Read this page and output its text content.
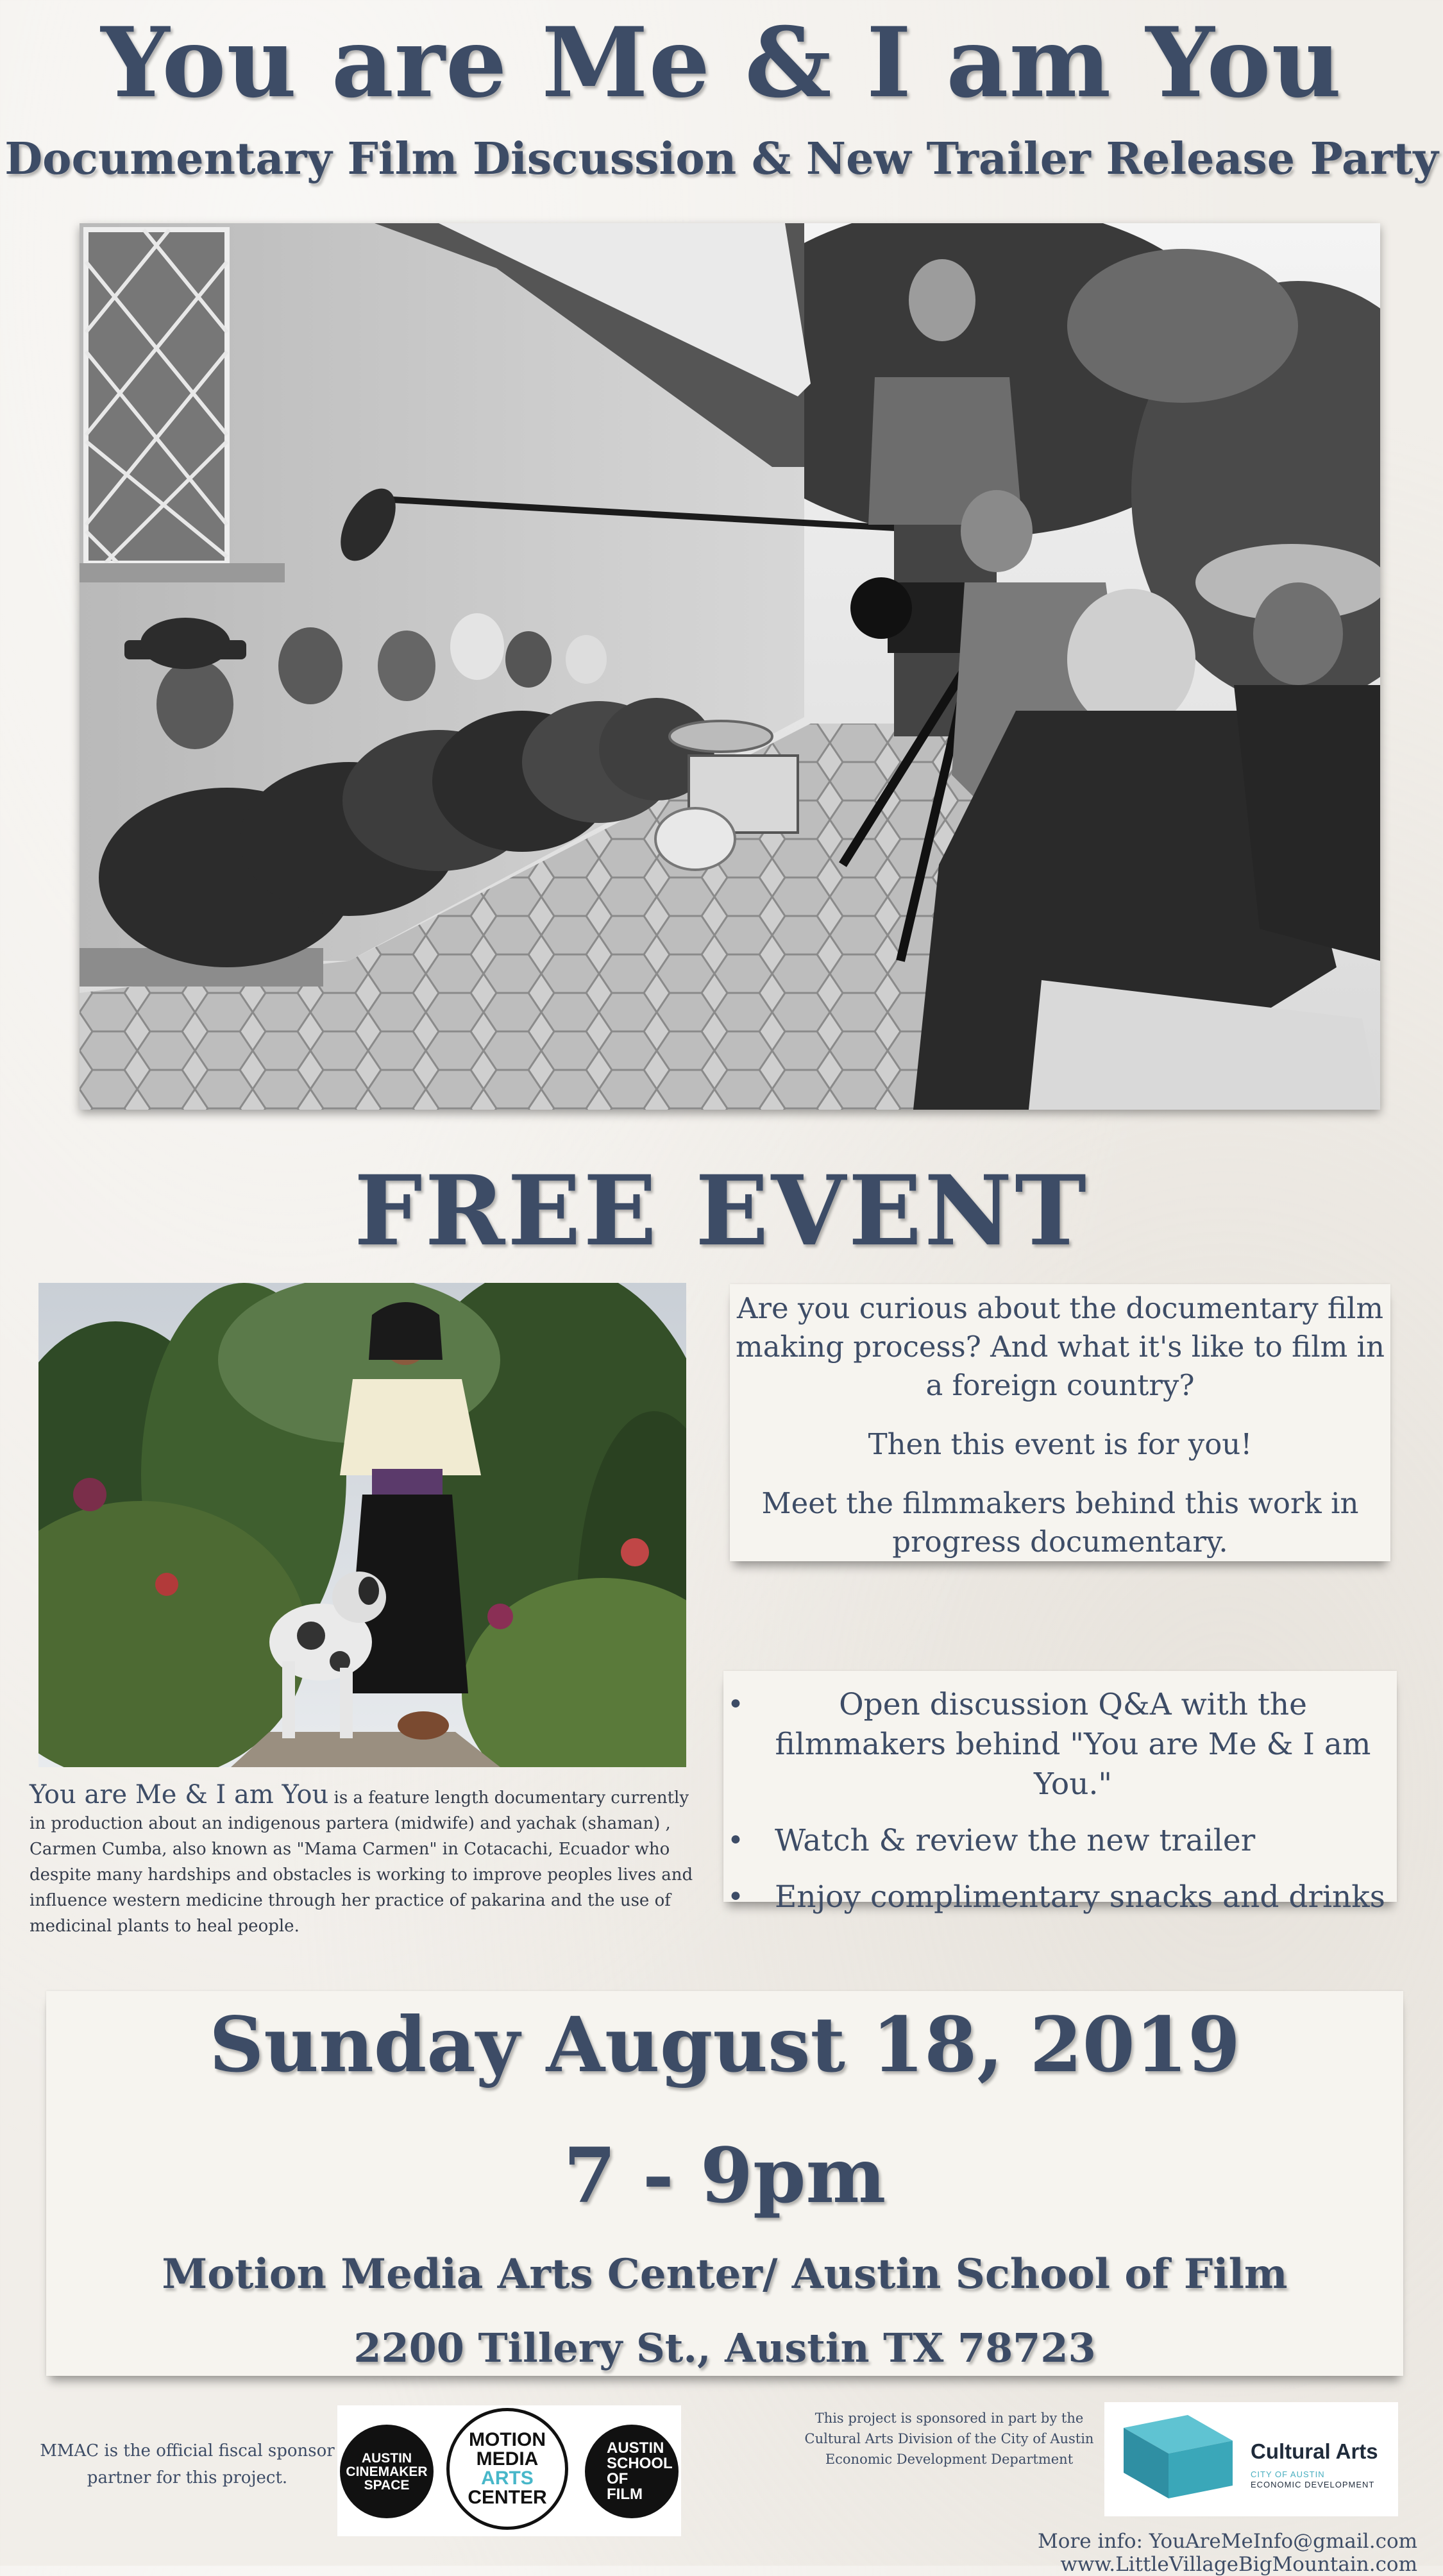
You are Me & I am You
Documentary Film Discussion & New Trailer Release Party
FREE EVENT

Are you curious about the documentary film making process? And what it's like to film in a foreign country?

Then this event is for you!

Meet the filmmakers behind this work in progress documentary.

•	Open discussion Q&A with the filmmakers behind "You are Me & I am You."
• Watch & review the new trailer
• Enjoy complimentary snacks and drinks
You are Me & I am You is a feature length documentary currently in production about an indigenous partera (midwife) and yachak (shaman) , Carmen Cumba, also known as "Mama Carmen" in Cotacachi, Ecuador who despite many hardships and obstacles is working to improve peoples lives and influence western medicine through her practice of pakarina and the use of medicinal plants to heal people.
Sunday August 18, 2019
7 - 9pm
Motion Media Arts Center/ Austin School of Film
2200 Tillery St., Austin TX 78723
MMAC is the official fiscal sponsor partner for this project.
AUSTIN
CINEMAKER
SPACE
MOTION
MEDIA
ARTS
CENTER
AUSTIN
SCHOOL
OF
FILM
This project is sponsored in part by the Cultural Arts Division of the City of Austin Economic Development Department	Cultural Arts
CITY OF AUSTIN
ECONOMIC DEVELOPMENT
More info: YouAreMeInfo@gmail.com www.LittleVillageBigMountain.com
